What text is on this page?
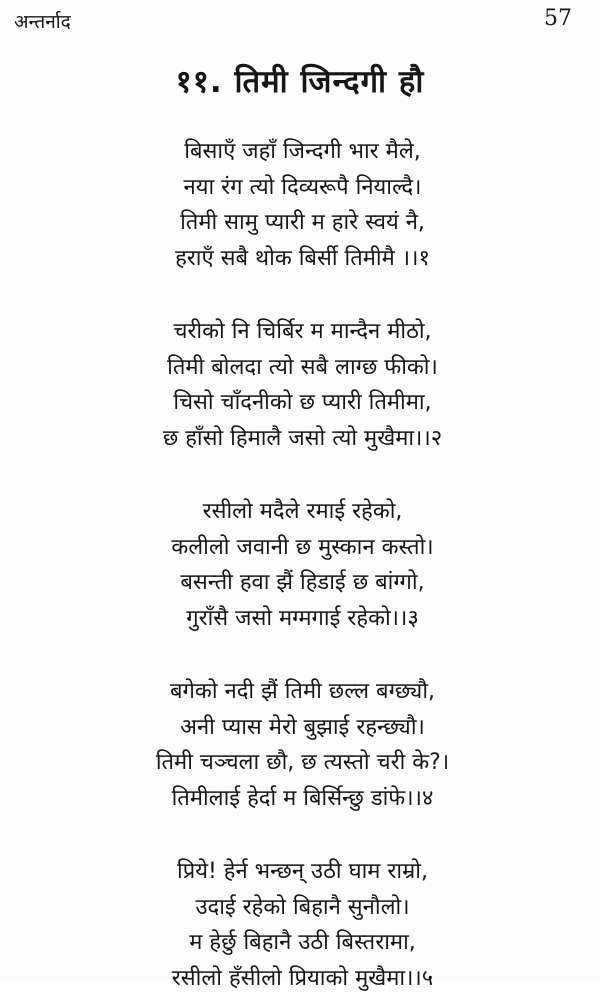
अन्तर्नाद	57
११. तिमी जिन्दगी हौ
बिसाएँ जहाँ जिन्दगी भार मैले,
नया रंग त्यो दिव्यरूपै नियाल्दै।
तिमी सामु प्यारी म हारे स्वयं नै,
हराएँ सबै थोक बिर्सी तिमीमै ।।१
चरीको नि चिर्बिर म मान्दैन मीठो,
तिमी बोलदा त्यो सबै लाग्छ फीको।
चिसो चाँदनीको छ प्यारी तिमीमा,
छ हाँसो हिमालै जसो त्यो मुखैमा।।२
रसीलो मदैले रमाई रहेको,
कलीलो जवानी छ मुस्कान कस्तो।
बसन्ती हवा झैं हिडाई छ बांग्गो,
गुराँसै जसो मग्मगाई रहेको।।३
बगेको नदी झैं तिमी छल्ल बग्छ्यौ,
अनी प्यास मेरो बुझाई रहन्छ्यौ।
तिमी चञ्चला छौ, छ त्यस्तो चरी के?।
तिमीलाई हेर्दा म बिर्सिन्छु डांफे।।४
प्रिये! हेर्न भन्छन् उठी घाम राम्रो,
उदाई रहेको बिहानै सुनौलो।
म हेर्छु बिहानै उठी बिस्तरामा,
रसीलो हँसीलो प्रियाको मुखैमा।।५
